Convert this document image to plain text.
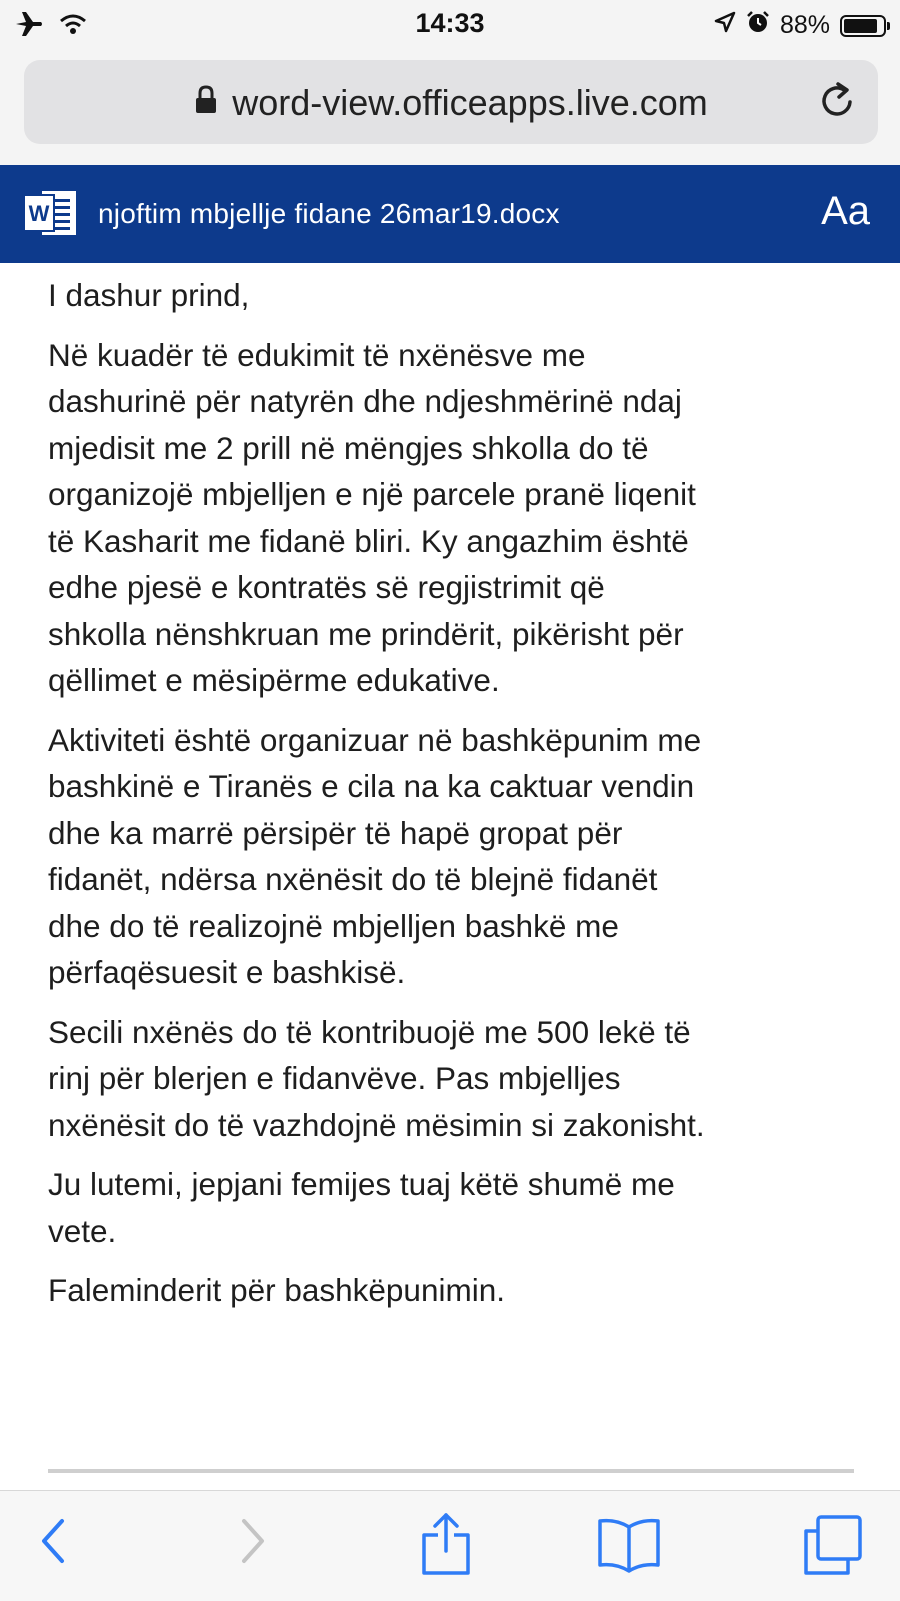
14:33	88%
word-view.officeapps.live.com
W njoftim mbjellje fidane 26mar19.docx	Aa

I dashur prind,

Në kuadër të edukimit të nxënësve me
dashurinë për natyrën dhe ndjeshmërinë ndaj
mjedisit me 2 prill në mëngjes shkolla do të
organizojë mbjelljen e një parcele pranë liqenit
të Kasharit me fidanë bliri. Ky angazhim është
edhe pjesë e kontratës së regjistrimit që
shkolla nënshkruan me prindërit, pikërisht për
qëllimet e mësipërme edukative.

Aktiviteti është organizuar në bashkëpunim me
bashkinë e Tiranës e cila na ka caktuar vendin
dhe ka marrë përsipër të hapë gropat për
fidanët, ndërsa nxënësit do të blejnë fidanët
dhe do të realizojnë mbjelljen bashkë me
përfaqësuesit e bashkisë.

Secili nxënës do të kontribuojë me 500 lekë të
rinj për blerjen e fidanvëve. Pas mbjelljes
nxënësit do të vazhdojnë mësimin si zakonisht.

Ju lutemi, jepjani femijes tuaj këtë shumë me
vete.

Faleminderit për bashkëpunimin.
